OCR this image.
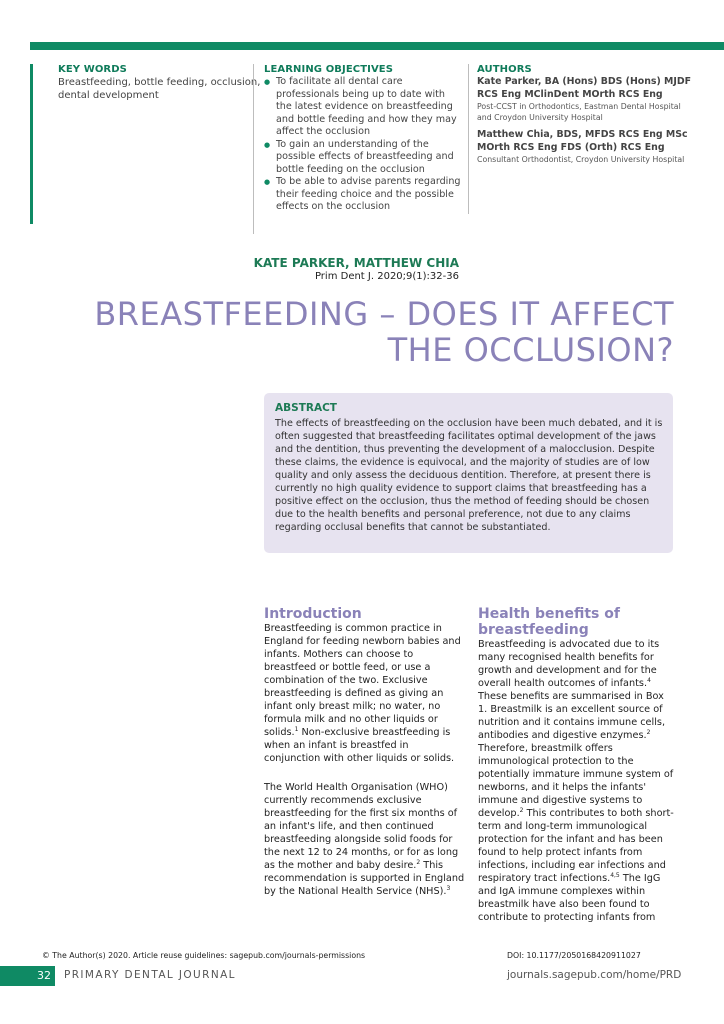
KEY WORDS
Breastfeeding, bottle feeding, occlusion, dental development
LEARNING OBJECTIVES
● To facilitate all dental care professionals being up to date with the latest evidence on breastfeeding and bottle feeding and how they may affect the occlusion
● To gain an understanding of the possible effects of breastfeeding and bottle feeding on the occlusion
● To be able to advise parents regarding their feeding choice and the possible effects on the occlusion
AUTHORS
Kate Parker, BA (Hons) BDS (Hons) MJDF RCS Eng MClinDent MOrth RCS Eng
Post-CCST in Orthodontics, Eastman Dental Hospital and Croydon University Hospital
Matthew Chia, BDS, MFDS RCS Eng MSc MOrth RCS Eng FDS (Orth) RCS Eng
Consultant Orthodontist, Croydon University Hospital
KATE PARKER, MATTHEW CHIA
Prim Dent J. 2020;9(1):32-36
BREASTFEEDING – DOES IT AFFECT
THE OCCLUSION?
ABSTRACT
The effects of breastfeeding on the occlusion have been much debated, and it is often suggested that breastfeeding facilitates optimal development of the jaws and the dentition, thus preventing the development of a malocclusion. Despite these claims, the evidence is equivocal, and the majority of studies are of low quality and only assess the deciduous dentition. Therefore, at present there is currently no high quality evidence to support claims that breastfeeding has a positive effect on the occlusion, thus the method of feeding should be chosen due to the health benefits and personal preference, not due to any claims regarding occlusal benefits that cannot be substantiated.
Introduction

Breastfeeding is common practice in England for feeding newborn babies and infants. Mothers can choose to breastfeed or bottle feed, or use a combination of the two. Exclusive breastfeeding is defined as giving an infant only breast milk; no water, no formula milk and no other liquids or solids.$^1$ Non-exclusive breastfeeding is when an infant is breastfed in conjunction with other liquids or solids.

The World Health Organisation (WHO) currently recommends exclusive breastfeeding for the first six months of an infant's life, and then continued breastfeeding alongside solid foods for the next 12 to 24 months, or for as long as the mother and baby desire.$^2$ This recommendation is supported in England by the National Health Service (NHS).$^3$

Health benefits of breastfeeding

Breastfeeding is advocated due to its many recognised health benefits for growth and development and for the overall health outcomes of infants.$^4$ These benefits are summarised in Box 1. Breastmilk is an excellent source of nutrition and it contains immune cells, antibodies and digestive enzymes.$^2$ Therefore, breastmilk offers immunological protection to the potentially immature immune system of newborns, and it helps the infants' immune and digestive systems to develop.$^2$ This contributes to both short-term and long-term immunological protection for the infant and has been found to help protect infants from infections, including ear infections and respiratory tract infections.$^{4,5}$ The IgG and IgA immune complexes within breastmilk have also been found to contribute to protecting infants from

© The Author(s) 2020. Article reuse guidelines: sagepub.com/journals-permissions	DOI: 10.1177/2050168420911027
32	PRIMARY DENTAL JOURNAL	journals.sagepub.com/home/PRD
